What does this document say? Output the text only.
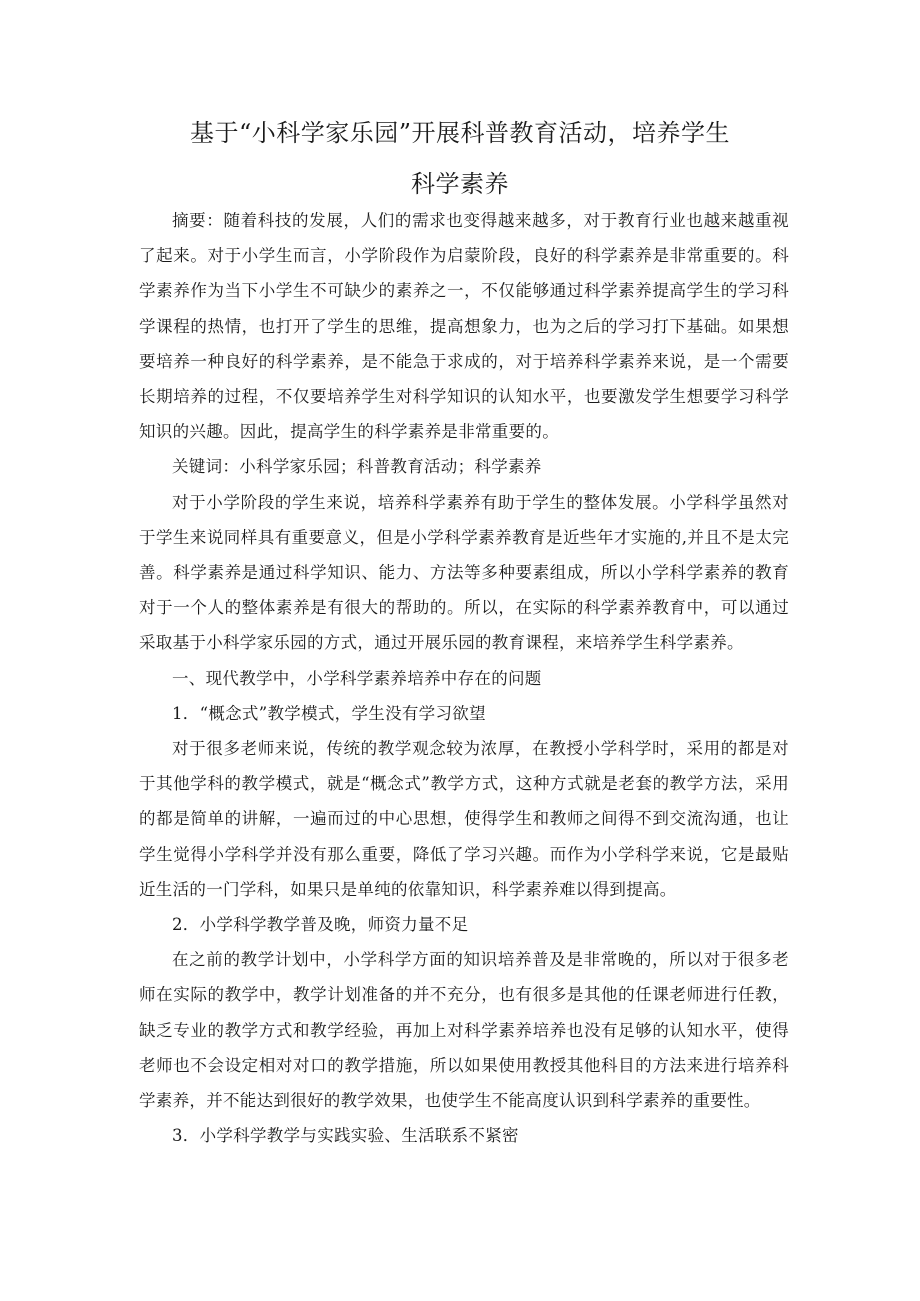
基于“小科学家乐园”开展科普教育活动，培养学生
科学素养

摘要：随着科技的发展，人们的需求也变得越来越多，对于教育行业也越来越重视了起来。对于小学生而言，小学阶段作为启蒙阶段，良好的科学素养是非常重要的。科学素养作为当下小学生不可缺少的素养之一，不仅能够通过科学素养提高学生的学习科学课程的热情，也打开了学生的思维，提高想象力，也为之后的学习打下基础。如果想要培养一种良好的科学素养，是不能急于求成的，对于培养科学素养来说，是一个需要长期培养的过程，不仅要培养学生对科学知识的认知水平，也要激发学生想要学习科学知识的兴趣。因此，提高学生的科学素养是非常重要的。

关键词：小科学家乐园；科普教育活动；科学素养

对于小学阶段的学生来说，培养科学素养有助于学生的整体发展。小学科学虽然对于学生来说同样具有重要意义，但是小学科学素养教育是近些年才实施的,并且不是太完善。科学素养是通过科学知识、能力、方法等多种要素组成，所以小学科学素养的教育对于一个人的整体素养是有很大的帮助的。所以，在实际的科学素养教育中，可以通过采取基于小科学家乐园的方式，通过开展乐园的教育课程，来培养学生科学素养。

一、现代教学中，小学科学素养培养中存在的问题

1．“概念式”教学模式，学生没有学习欲望

对于很多老师来说，传统的教学观念较为浓厚，在教授小学科学时，采用的都是对于其他学科的教学模式，就是“概念式”教学方式，这种方式就是老套的教学方法，采用的都是简单的讲解，一遍而过的中心思想，使得学生和教师之间得不到交流沟通，也让学生觉得小学科学并没有那么重要，降低了学习兴趣。而作为小学科学来说，它是最贴近生活的一门学科，如果只是单纯的依靠知识，科学素养难以得到提高。

2．小学科学教学普及晚，师资力量不足

在之前的教学计划中，小学科学方面的知识培养普及是非常晚的，所以对于很多老师在实际的教学中，教学计划准备的并不充分，也有很多是其他的任课老师进行任教，缺乏专业的教学方式和教学经验，再加上对科学素养培养也没有足够的认知水平，使得老师也不会设定相对对口的教学措施，所以如果使用教授其他科目的方法来进行培养科学素养，并不能达到很好的教学效果，也使学生不能高度认识到科学素养的重要性。

3．小学科学教学与实践实验、生活联系不紧密
